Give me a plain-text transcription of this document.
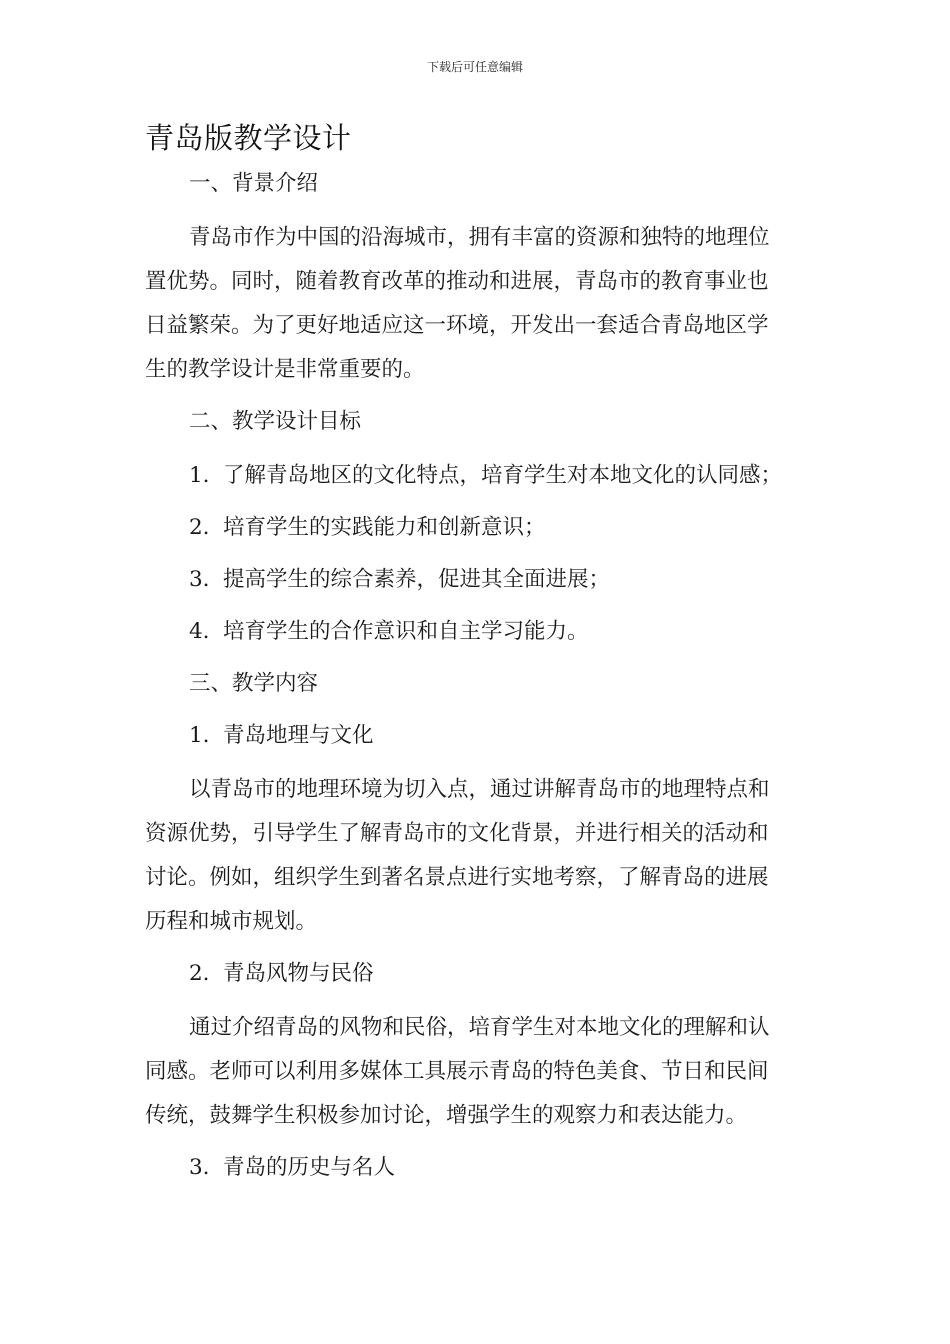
下载后可任意编辑
青岛版教学设计

一、背景介绍

青岛市作为中国的沿海城市，拥有丰富的资源和独特的地理位

置优势。同时，随着教育改革的推动和进展，青岛市的教育事业也

日益繁荣。为了更好地适应这一环境，开发出一套适合青岛地区学

生的教学设计是非常重要的。

二、教学设计目标

1. 了解青岛地区的文化特点，培育学生对本地文化的认同感；

2. 培育学生的实践能力和创新意识；

3. 提高学生的综合素养，促进其全面进展；

4. 培育学生的合作意识和自主学习能力。

三、教学内容

1. 青岛地理与文化

以青岛市的地理环境为切入点，通过讲解青岛市的地理特点和

资源优势，引导学生了解青岛市的文化背景，并进行相关的活动和

讨论。例如，组织学生到著名景点进行实地考察，了解青岛的进展

历程和城市规划。

2. 青岛风物与民俗

通过介绍青岛的风物和民俗，培育学生对本地文化的理解和认

同感。老师可以利用多媒体工具展示青岛的特色美食、节日和民间

传统，鼓舞学生积极参加讨论，增强学生的观察力和表达能力。

3. 青岛的历史与名人
